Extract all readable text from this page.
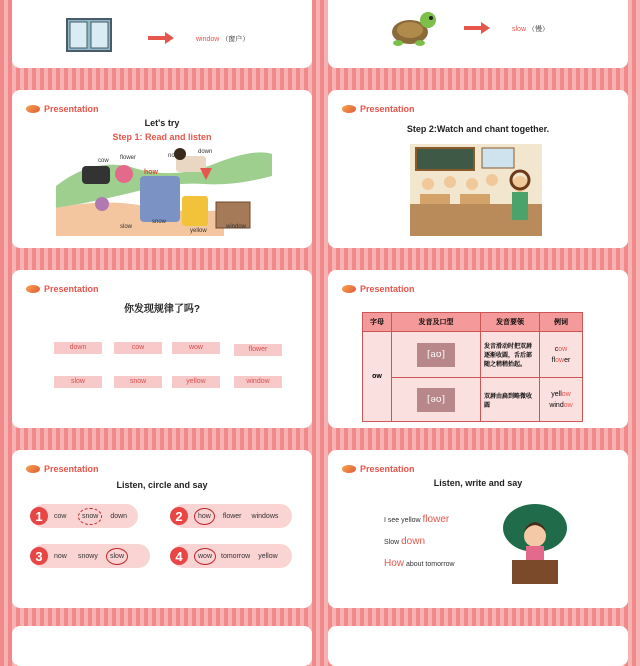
window （窗户）
slow （慢）
Presentation
Let's try
Step 1: Read and listen
cow flower	now
how
down
snow
slow
yellow
window
Presentation
Step 2:Watch and chant together.
Presentation
你发现规律了吗?
down	cow	wow	flower
slow	snow	yellow	window
Presentation
字母	发音及口型	发音要领	例词
ow	[aʊ]	发音滑动时把双唇逐渐收圆，舌后部随之稍稍抬起。	cow
flower

[əʊ]	双唇由扁到略微收圆	yellow
window
Presentation
Listen, circle and say
1	cow	snow	down	2	how	flower windows
3	now	snowy	slow	4	wow	tomorrow yellow
Presentation
Listen, write and say
I see yellow flower
Slow down
How about tomorrow
